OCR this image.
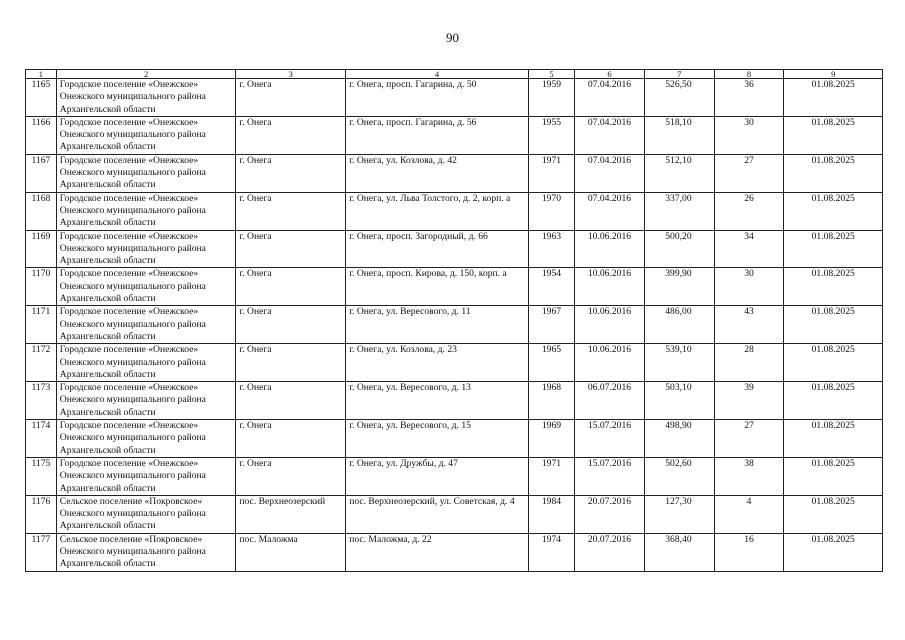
90
1	2	3	4	5	6	7	8	9
1165	Городское поселение «Онежское» Онежского муниципального района Архангельской области	г. Онега	г. Онега, просп. Гагарина, д. 50	1959	07.04.2016	526,50	36	01.08.2025
1166	Городское поселение «Онежское» Онежского муниципального района Архангельской области	г. Онега	г. Онега, просп. Гагарина, д. 56	1955	07.04.2016	518,10	30	01.08.2025
1167	Городское поселение «Онежское» Онежского муниципального района Архангельской области	г. Онега	г. Онега, ул. Козлова, д. 42	1971	07.04.2016	512,10	27	01.08.2025
1168	Городское поселение «Онежское» Онежского муниципального района Архангельской области	г. Онега	г. Онега, ул. Льва Толстого, д. 2, корп. а	1970	07.04.2016	337,00	26	01.08.2025
1169	Городское поселение «Онежское» Онежского муниципального района Архангельской области	г. Онега	г. Онега, просп. Загородный, д. 66	1963	10.06.2016	500,20	34	01.08.2025
1170	Городское поселение «Онежское» Онежского муниципального района Архангельской области	г. Онега	г. Онега, просп. Кирова, д. 150, корп. а	1954	10.06.2016	399,90	30	01.08.2025
1171	Городское поселение «Онежское» Онежского муниципального района Архангельской области	г. Онега	г. Онега, ул. Вересового, д. 11	1967	10.06.2016	486,00	43	01.08.2025
1172	Городское поселение «Онежское» Онежского муниципального района Архангельской области	г. Онега	г. Онега, ул. Козлова, д. 23	1965	10.06.2016	539,10	28	01.08.2025
1173	Городское поселение «Онежское» Онежского муниципального района Архангельской области	г. Онега	г. Онега, ул. Вересового, д. 13	1968	06.07.2016	503,10	39	01.08.2025
1174	Городское поселение «Онежское» Онежского муниципального района Архангельской области	г. Онега	г. Онега, ул. Вересового, д. 15	1969	15.07.2016	498,90	27	01.08.2025
1175	Городское поселение «Онежское» Онежского муниципального района Архангельской области	г. Онега	г. Онега, ул. Дружбы, д. 47	1971	15.07.2016	502,60	38	01.08.2025
1176	Сельское поселение «Покровское» Онежского муниципального района Архангельской области	пос. Верхнеозерский	пос. Верхнеозерский, ул. Советская, д. 4	1984	20.07.2016	127,30	4	01.08.2025
1177	Сельское поселение «Покровское» Онежского муниципального района Архангельской области	пос. Маложма	пос. Маложма, д. 22	1974	20.07.2016	368,40	16	01.08.2025
